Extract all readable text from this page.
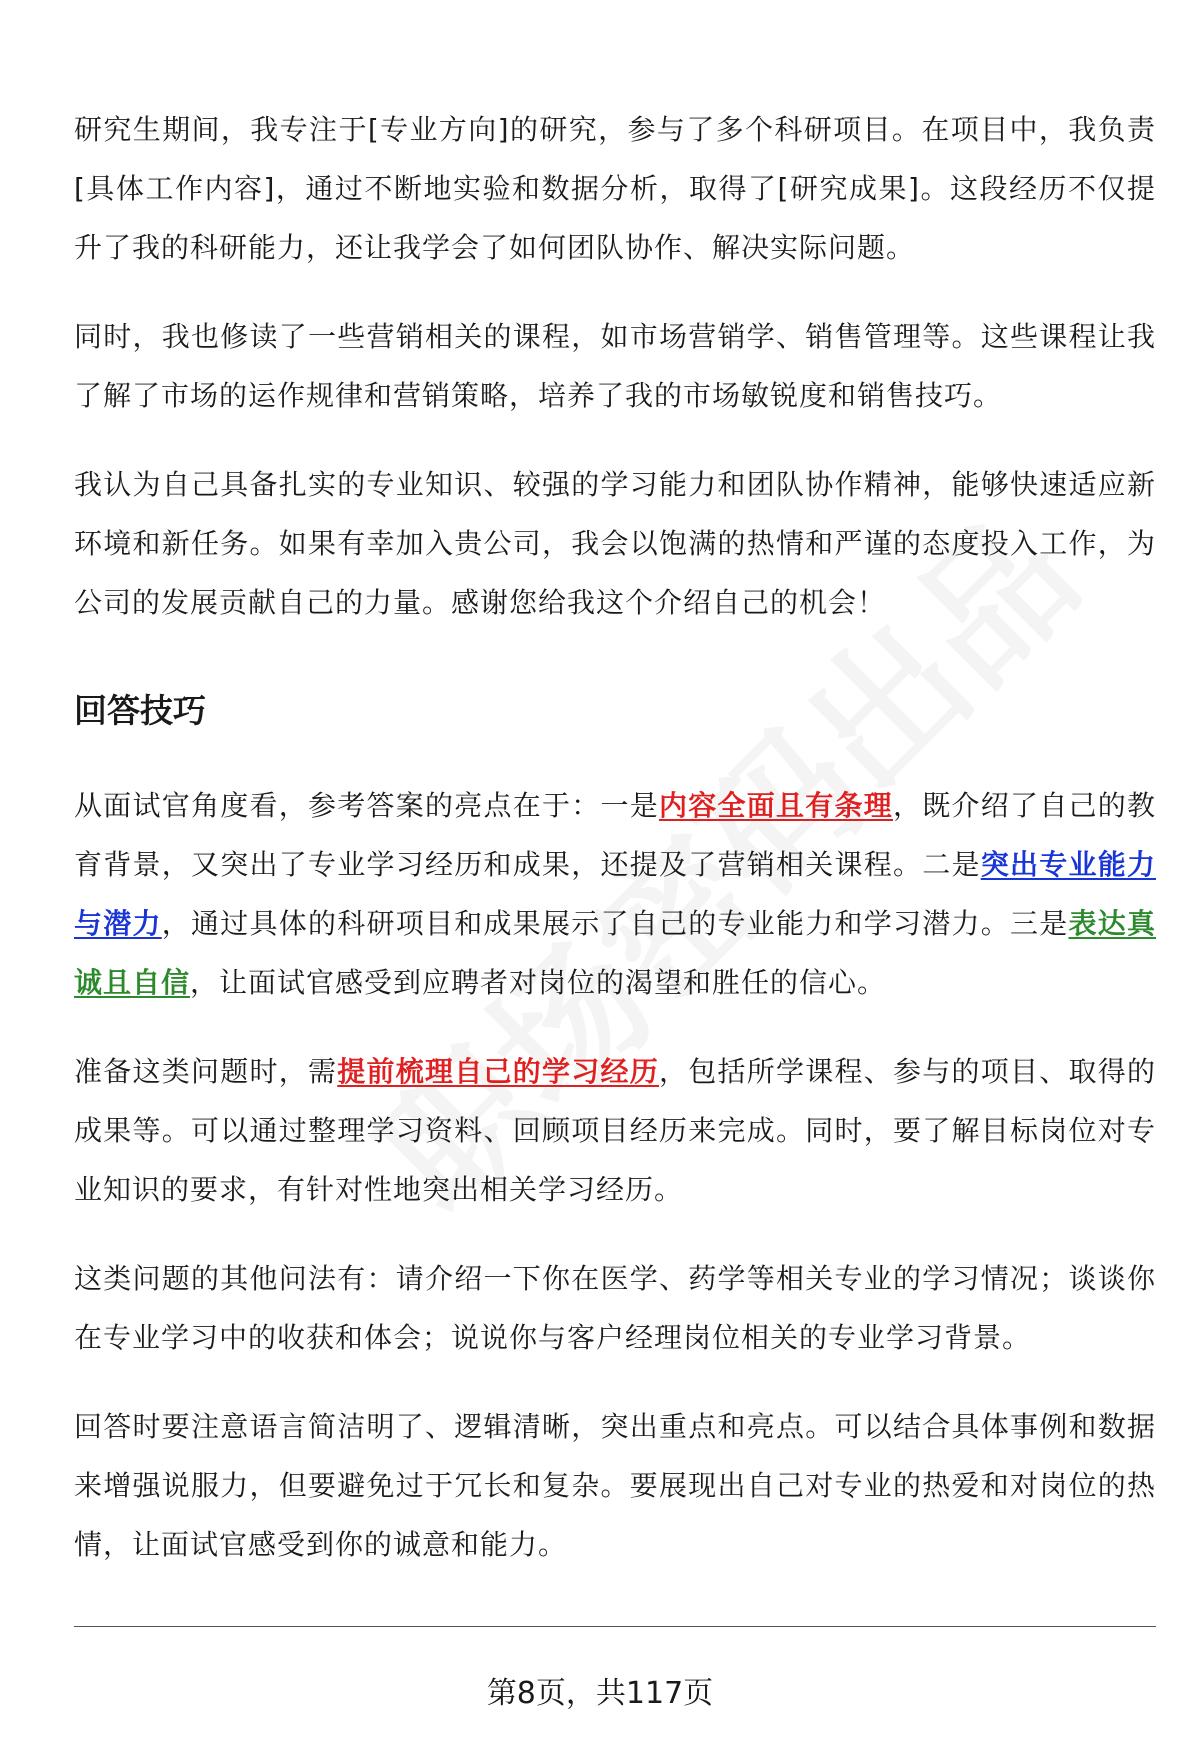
研究生期间，我专注于[专业方向]的研究，参与了多个科研项目。在项目中，我负责[具体工作内容]，通过不断地实验和数据分析，取得了[研究成果]。这段经历不仅提升了我的科研能力，还让我学会了如何团队协作、解决实际问题。

同时，我也修读了一些营销相关的课程，如市场营销学、销售管理等。这些课程让我了解了市场的运作规律和营销策略，培养了我的市场敏锐度和销售技巧。

我认为自己具备扎实的专业知识、较强的学习能力和团队协作精神，能够快速适应新环境和新任务。如果有幸加入贵公司，我会以饱满的热情和严谨的态度投入工作，为公司的发展贡献自己的力量。感谢您给我这个介绍自己的机会！

回答技巧

从面试官角度看，参考答案的亮点在于：一是内容全面且有条理，既介绍了自己的教育背景，又突出了专业学习经历和成果，还提及了营销相关课程。二是突出专业能力与潜力，通过具体的科研项目和成果展示了自己的专业能力和学习潜力。三是表达真诚且自信，让面试官感受到应聘者对岗位的渴望和胜任的信心。

准备这类问题时，需提前梳理自己的学习经历，包括所学课程、参与的项目、取得的成果等。可以通过整理学习资料、回顾项目经历来完成。同时，要了解目标岗位对专业知识的要求，有针对性地突出相关学习经历。

这类问题的其他问法有：请介绍一下你在医学、药学等相关专业的学习情况；谈谈你在专业学习中的收获和体会；说说你与客户经理岗位相关的专业学习背景。

回答时要注意语言简洁明了、逻辑清晰，突出重点和亮点。可以结合具体事例和数据来增强说服力，但要避免过于冗长和复杂。要展现出自己对专业的热爱和对岗位的热情，让面试官感受到你的诚意和能力。

第8页，共117页
